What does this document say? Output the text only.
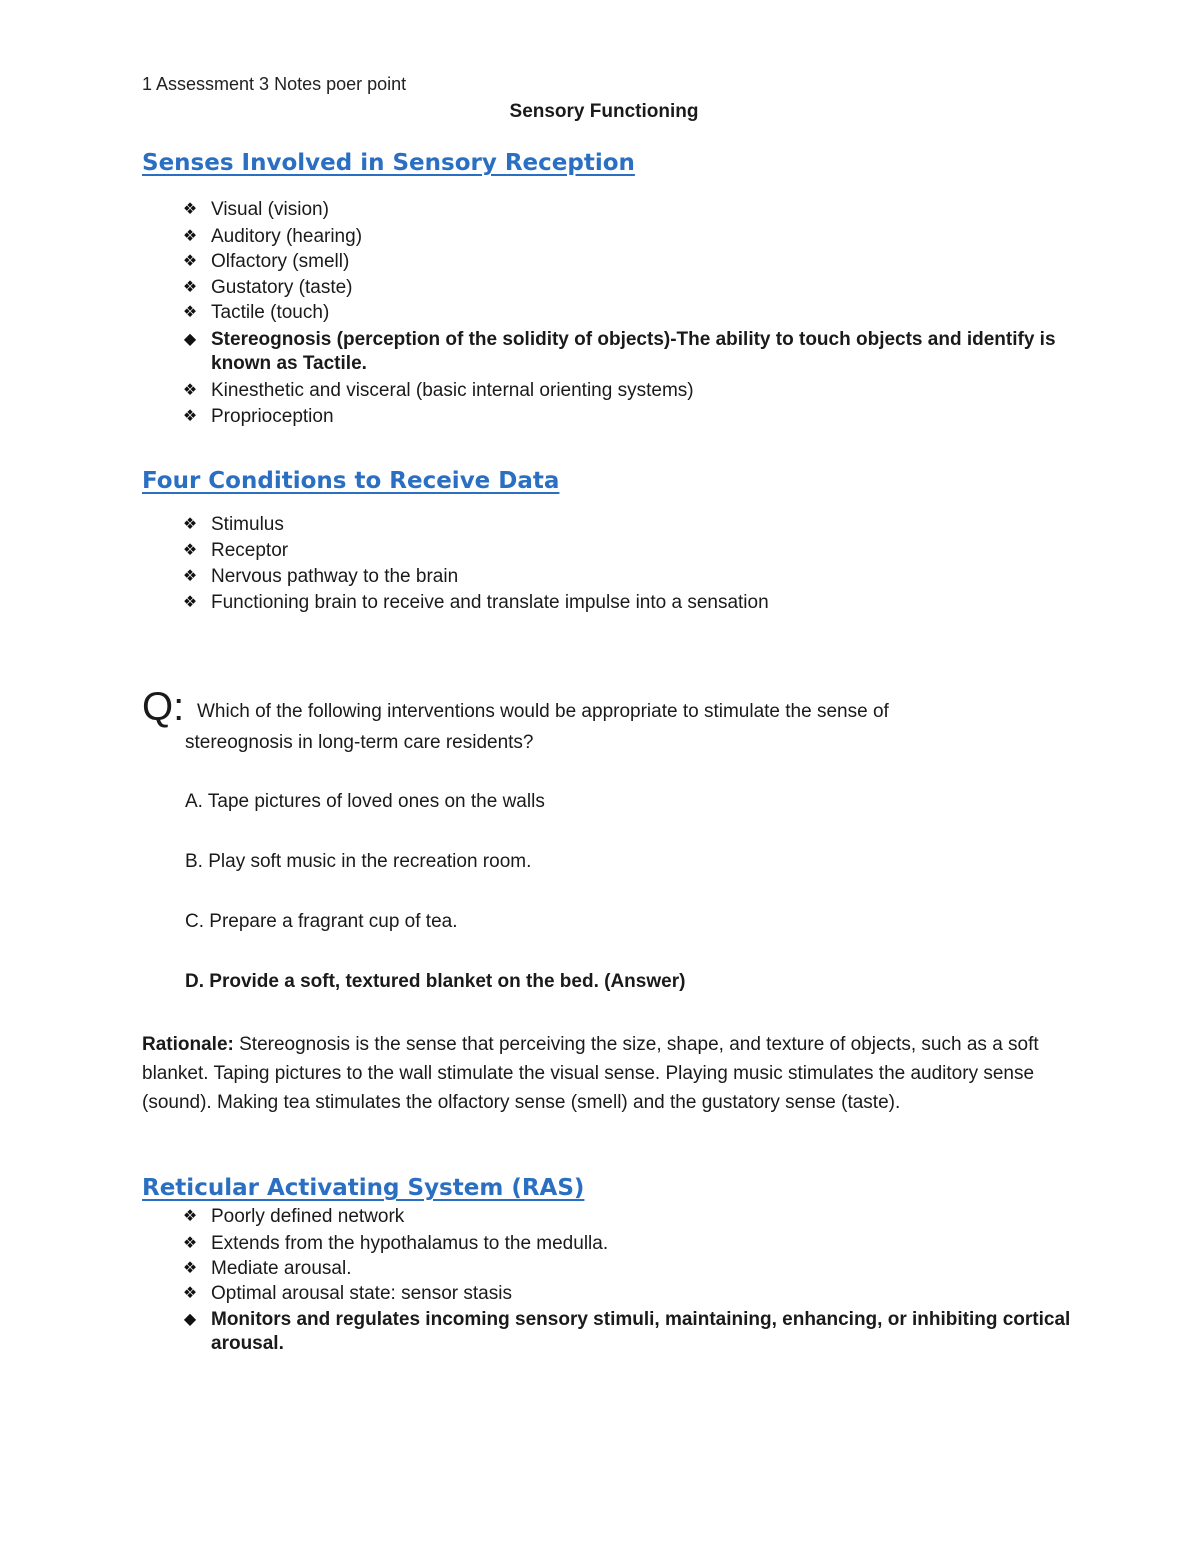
1 Assessment 3 Notes poer point
Sensory Functioning
Senses Involved in Sensory Reception
❖ Visual (vision)
❖ Auditory (hearing)
❖ Olfactory (smell)
❖ Gustatory (taste)
❖ Tactile (touch)
◆ Stereognosis (perception of the solidity of objects)-The ability to touch objects and identify is known as Tactile.
❖ Kinesthetic and visceral (basic internal orienting systems)
❖ Proprioception
Four Conditions to Receive Data
❖ Stimulus
❖ Receptor
❖ Nervous pathway to the brain
❖ Functioning brain to receive and translate impulse into a sensation
Q: Which of the following interventions would be appropriate to stimulate the sense of
stereognosis in long-term care residents?
A. Tape pictures of loved ones on the walls
B. Play soft music in the recreation room.
C. Prepare a fragrant cup of tea.
D. Provide a soft, textured blanket on the bed. (Answer)
Rationale: Stereognosis is the sense that perceiving the size, shape, and texture of objects, such as a soft blanket. Taping pictures to the wall stimulate the visual sense. Playing music stimulates the auditory sense (sound). Making tea stimulates the olfactory sense (smell) and the gustatory sense (taste).
Reticular Activating System (RAS)
❖ Poorly defined network
❖ Extends from the hypothalamus to the medulla.
❖ Mediate arousal.
❖ Optimal arousal state: sensor stasis
◆ Monitors and regulates incoming sensory stimuli, maintaining, enhancing, or inhibiting cortical arousal.
